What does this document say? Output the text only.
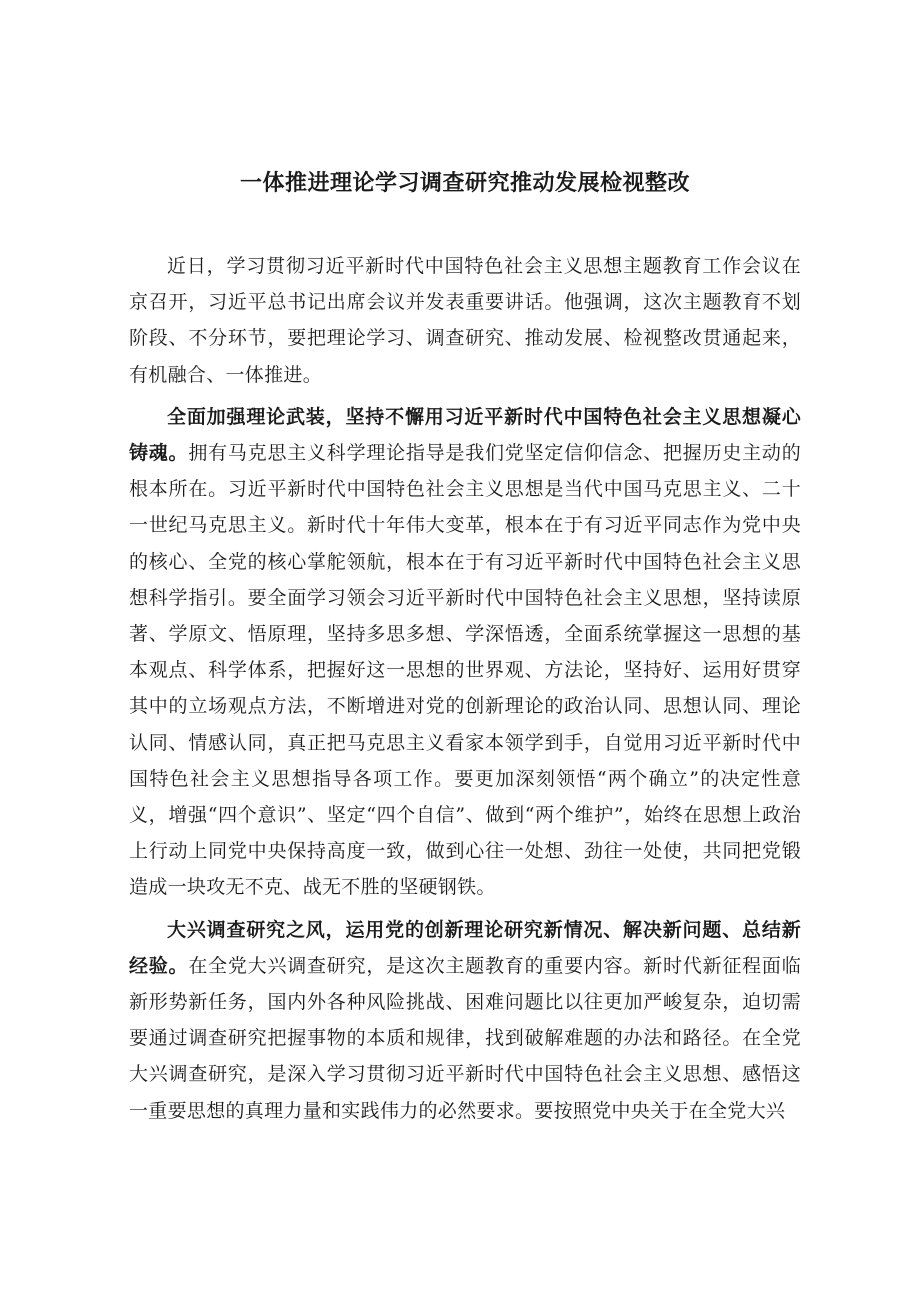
一体推进理论学习调查研究推动发展检视整改

近日，学习贯彻习近平新时代中国特色社会主义思想主题教育工作会议在京召开，习近平总书记出席会议并发表重要讲话。他强调，这次主题教育不划阶段、不分环节，要把理论学习、调查研究、推动发展、检视整改贯通起来，有机融合、一体推进。

全面加强理论武装，坚持不懈用习近平新时代中国特色社会主义思想凝心铸魂。拥有马克思主义科学理论指导是我们党坚定信仰信念、把握历史主动的根本所在。习近平新时代中国特色社会主义思想是当代中国马克思主义、二十一世纪马克思主义。新时代十年伟大变革，根本在于有习近平同志作为党中央的核心、全党的核心掌舵领航，根本在于有习近平新时代中国特色社会主义思想科学指引。要全面学习领会习近平新时代中国特色社会主义思想，坚持读原著、学原文、悟原理，坚持多思多想、学深悟透，全面系统掌握这一思想的基本观点、科学体系，把握好这一思想的世界观、方法论，坚持好、运用好贯穿其中的立场观点方法，不断增进对党的创新理论的政治认同、思想认同、理论认同、情感认同，真正把马克思主义看家本领学到手，自觉用习近平新时代中国特色社会主义思想指导各项工作。要更加深刻领悟“两个确立”的决定性意义，增强“四个意识”、坚定“四个自信”、做到“两个维护”，始终在思想上政治上行动上同党中央保持高度一致，做到心往一处想、劲往一处使，共同把党锻造成一块攻无不克、战无不胜的坚硬钢铁。

大兴调查研究之风，运用党的创新理论研究新情况、解决新问题、总结新经验。在全党大兴调查研究，是这次主题教育的重要内容。新时代新征程面临新形势新任务，国内外各种风险挑战、困难问题比以往更加严峻复杂，迫切需要通过调查研究把握事物的本质和规律，找到破解难题的办法和路径。在全党大兴调查研究，是深入学习贯彻习近平新时代中国特色社会主义思想、感悟这一重要思想的真理力量和实践伟力的必然要求。要按照党中央关于在全党大兴
